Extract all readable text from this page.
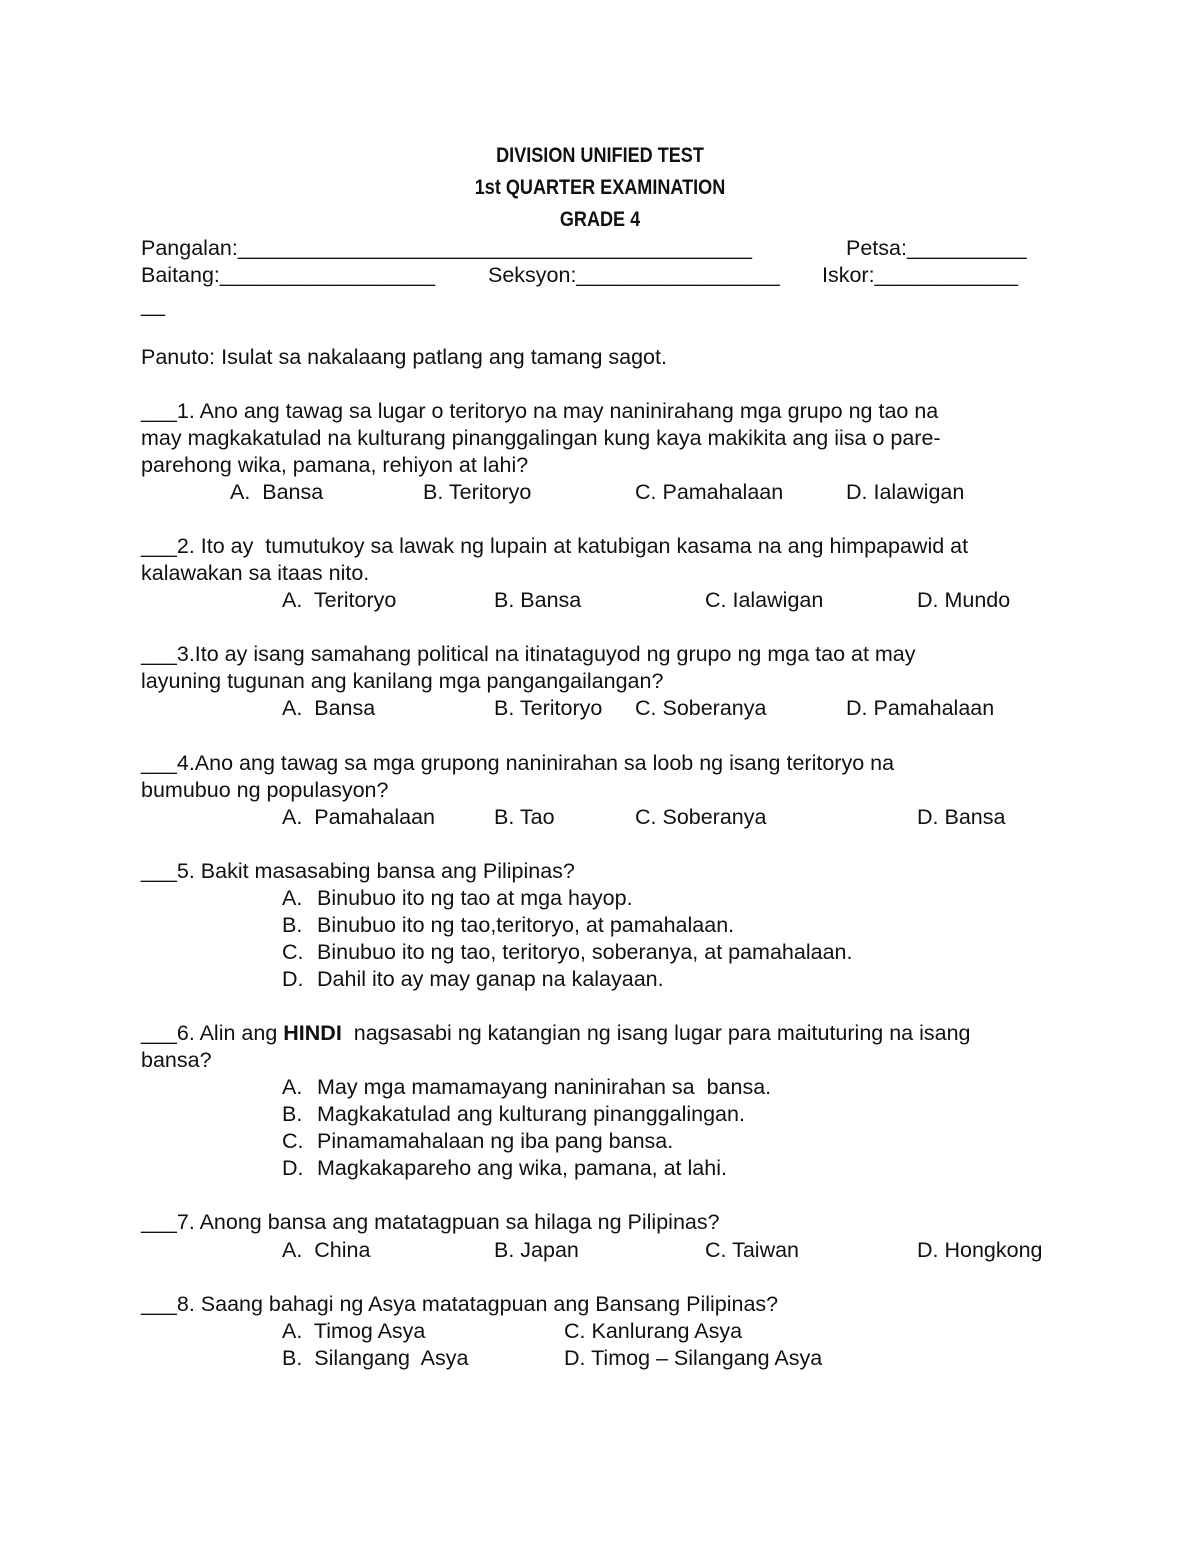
DIVISION UNIFIED TEST
1st QUARTER EXAMINATION
GRADE 4
Pangalan:___________________________________________	Petsa:__________
Baitang:__________________ Seksyon:_________________ Iskor:____________
__
Panuto: Isulat sa nakalaang patlang ang tamang sagot.
___1. Ano ang tawag sa lugar o teritoryo na may naninirahang mga grupo ng tao na
may magkakatulad na kulturang pinanggalingan kung kaya makikita ang iisa o pare-
parehong wika, pamana, rehiyon at lahi?
A.  Bansa	B. Teritoryo	C. Pamahalaan	D. Ialawigan
___2. Ito ay  tumutukoy sa lawak ng lupain at katubigan kasama na ang himpapawid at
kalawakan sa itaas nito.
A.  Teritoryo	B. Bansa	C. Ialawigan	D. Mundo
___3.Ito ay isang samahang political na itinataguyod ng grupo ng mga tao at may
layuning tugunan ang kanilang mga pangangailangan?
A.  Bansa	B. Teritoryo C. Soberanya	D. Pamahalaan
___4.Ano ang tawag sa mga grupong naninirahan sa loob ng isang teritoryo na
bumubuo ng populasyon?
A.  Pamahalaan	B. Tao	C. Soberanya	D. Bansa
___5. Bakit masasabing bansa ang Pilipinas?
A. Binubuo ito ng tao at mga hayop.
B. Binubuo ito ng tao,teritoryo, at pamahalaan.
C. Binubuo ito ng tao, teritoryo, soberanya, at pamahalaan.
D. Dahil ito ay may ganap na kalayaan.
___6. Alin ang HINDI  nagsasabi ng katangian ng isang lugar para maituturing na isang
bansa?
A. May mga mamamayang naninirahan sa  bansa.
B. Magkakatulad ang kulturang pinanggalingan.
C. Pinamamahalaan ng iba pang bansa.
D. Magkakapareho ang wika, pamana, at lahi.
___7. Anong bansa ang matatagpuan sa hilaga ng Pilipinas?
A.  China	B. Japan	C. Taiwan	D. Hongkong
___8. Saang bahagi ng Asya matatagpuan ang Bansang Pilipinas?
A.  Timog Asya	C. Kanlurang Asya
B.  Silangang  Asya	D. Timog – Silangang Asya
